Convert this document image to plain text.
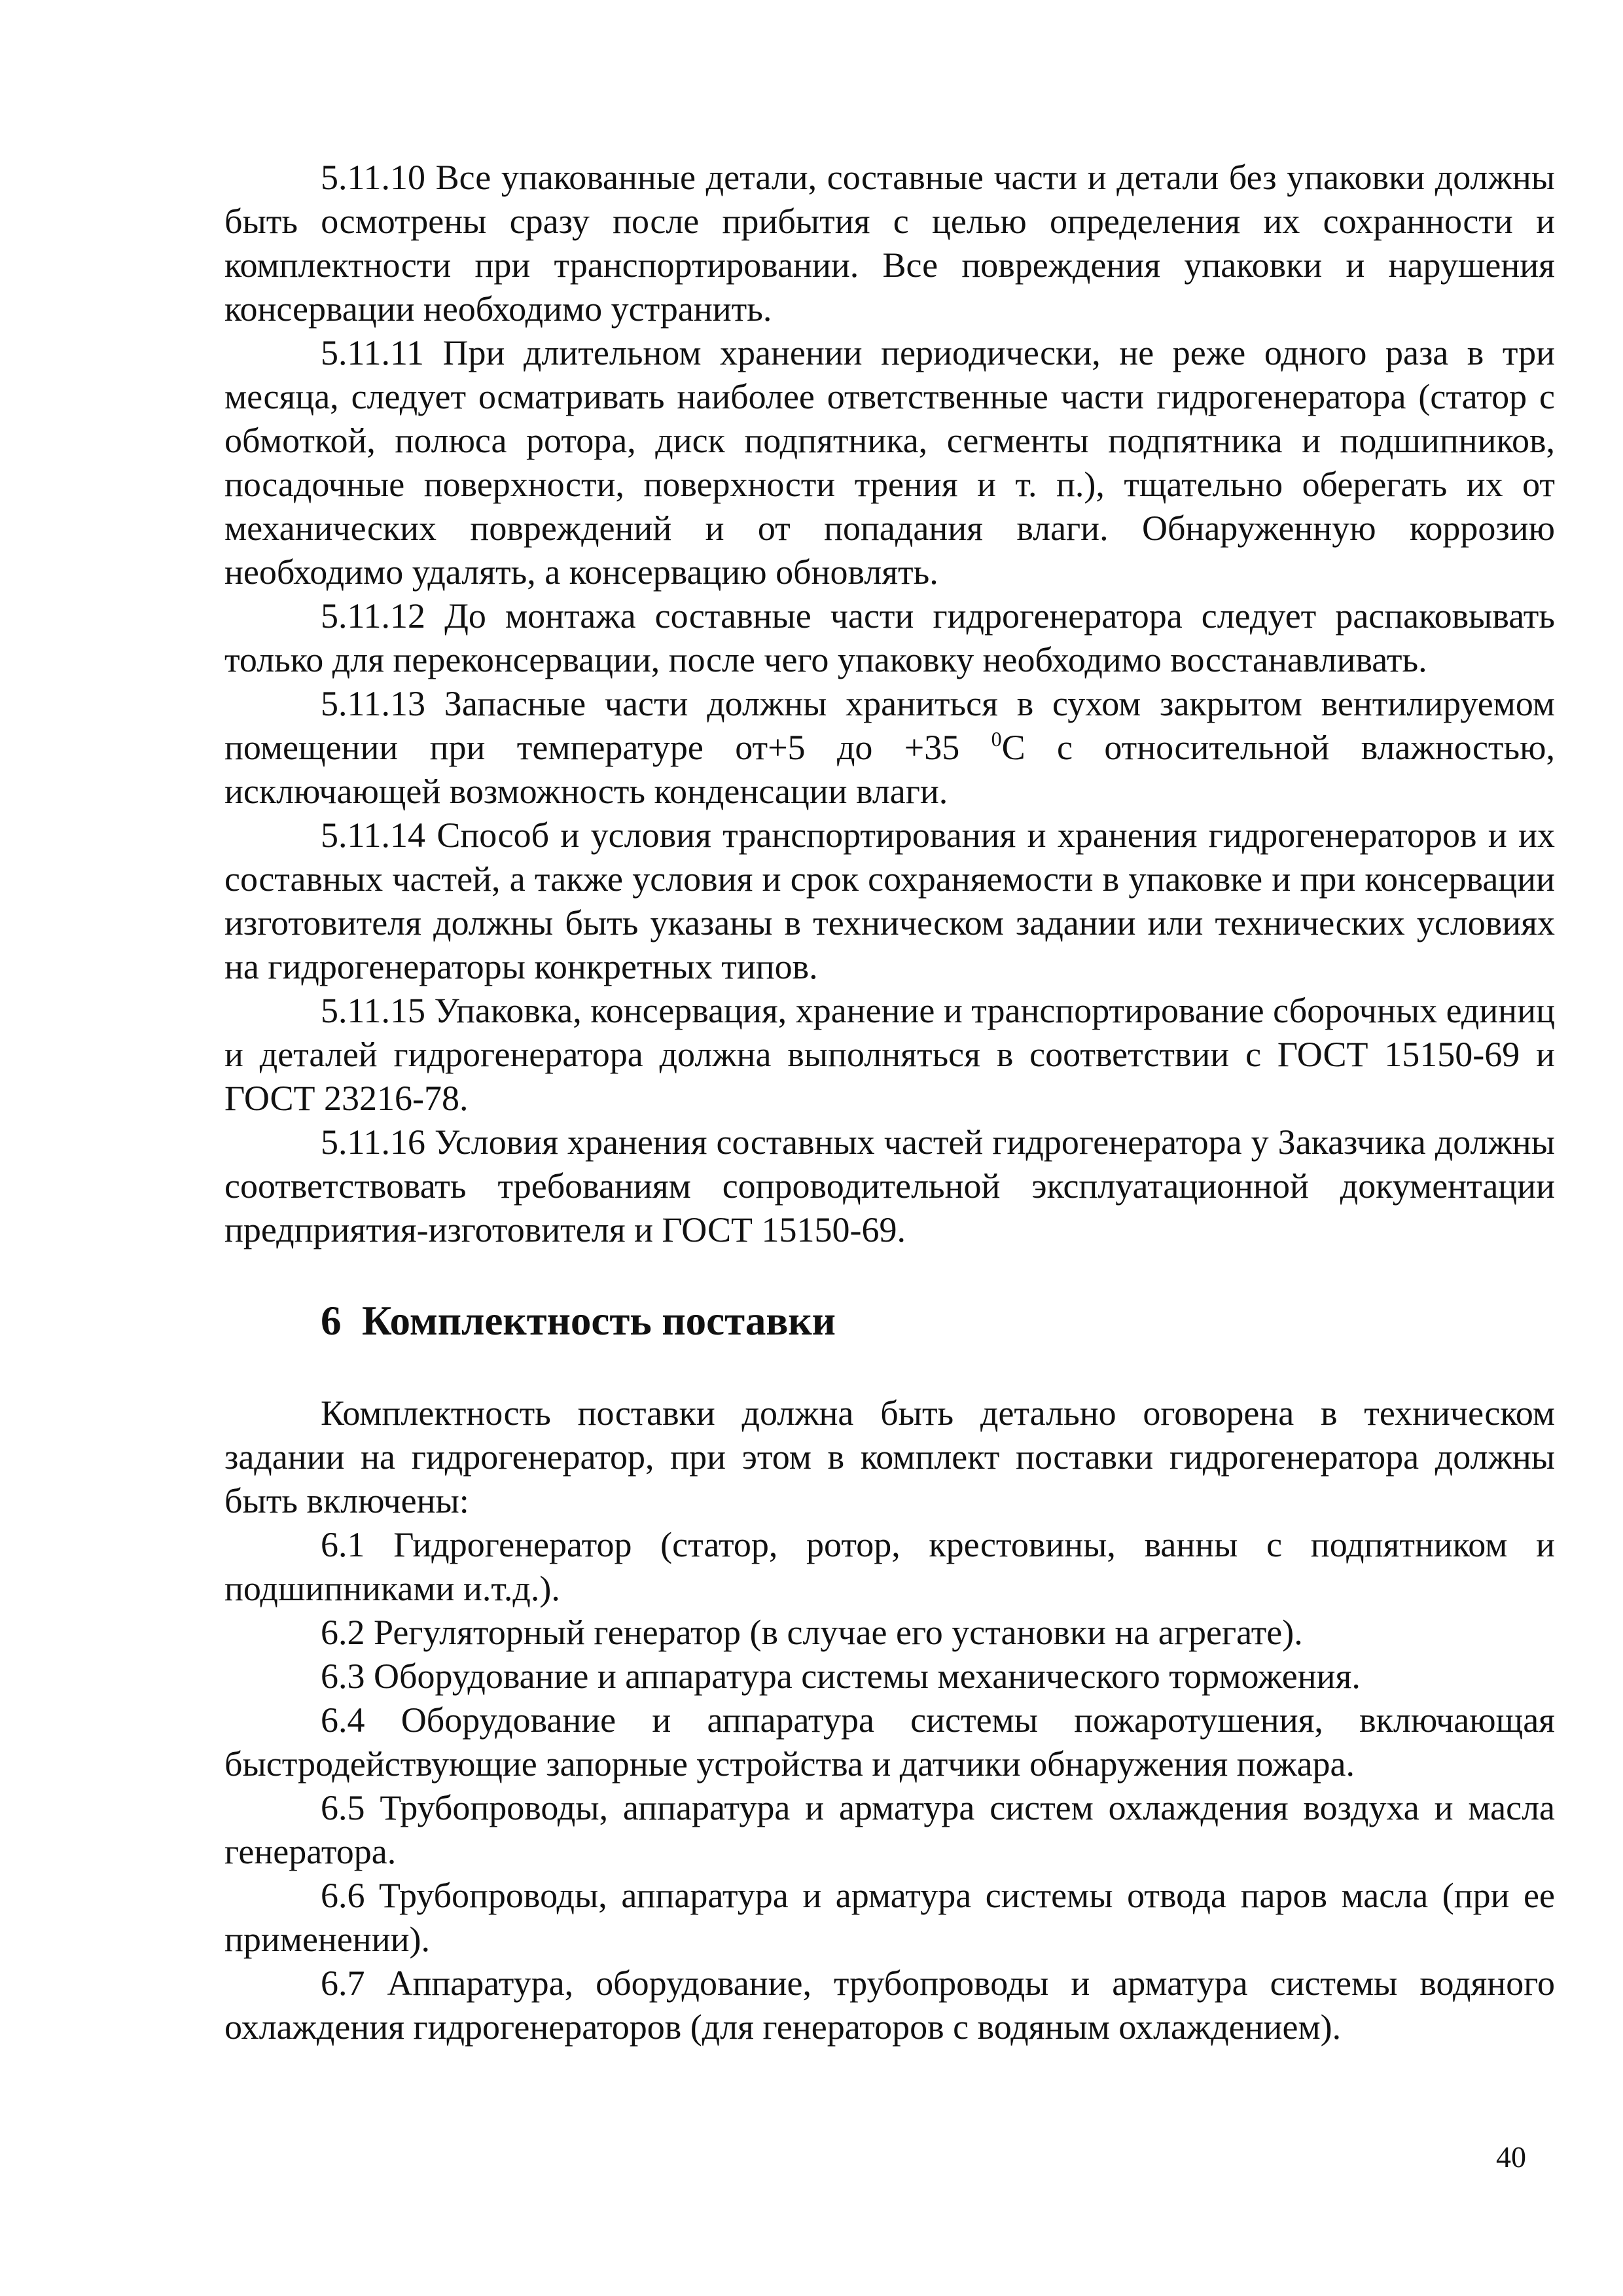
5.11.10 Все упакованные детали, составные части и детали без упаковки должны быть осмотрены сразу после прибытия с целью определения их сохранности и комплектности при транспортировании. Все повреждения упаковки и нарушения консервации необходимо устранить.

5.11.11 При длительном хранении периодически, не реже одного раза в три месяца, следует осматривать наиболее ответственные части гидрогенератора (статор с обмоткой, полюса ротора, диск подпятника, сегменты подпятника и подшипников, посадочные поверхности, поверхности трения и т. п.), тщательно оберегать их от механических повреждений и от попадания влаги. Обнаруженную коррозию необходимо удалять, а консервацию обновлять.

5.11.12 До монтажа составные части гидрогенератора следует распаковывать только для переконсервации, после чего упаковку необходимо восстанавливать.

5.11.13 Запасные части должны храниться в сухом закрытом вентилируемом помещении при температуре от+5 до +35 $^0$С с относительной влажностью, исключающей возможность конденсации влаги.

5.11.14 Способ и условия транспортирования и хранения гидрогенераторов и их составных частей, а также условия и срок сохраняемости в упаковке и при консервации изготовителя должны быть указаны в техническом задании или технических условиях на гидрогенераторы конкретных типов.

5.11.15 Упаковка, консервация, хранение и транспортирование сборочных единиц и деталей гидрогенератора должна выполняться в соответствии с ГОСТ 15150-69 и ГОСТ 23216-78.

5.11.16 Условия хранения составных частей гидрогенератора у Заказчика должны соответствовать требованиям сопроводительной эксплуатационной документации предприятия-изготовителя и ГОСТ 15150-69.

6 Комплектность поставки

Комплектность поставки должна быть детально оговорена в техническом задании на гидрогенератор, при этом в комплект поставки гидрогенератора должны быть включены:

6.1 Гидрогенератор (статор, ротор, крестовины, ванны с подпятником и подшипниками и.т.д.).

6.2 Регуляторный генератор (в случае его установки на агрегате).

6.3 Оборудование и аппаратура системы механического торможения.

6.4 Оборудование и аппаратура системы пожаротушения, включающая быстродействующие запорные устройства и датчики обнаружения пожара.

6.5 Трубопроводы, аппаратура и арматура систем охлаждения воздуха и масла генератора.

6.6 Трубопроводы, аппаратура и арматура системы отвода паров масла (при ее применении).

6.7 Аппаратура, оборудование, трубопроводы и арматура системы водяного охлаждения гидрогенераторов (для генераторов с водяным охлаждением).

40
